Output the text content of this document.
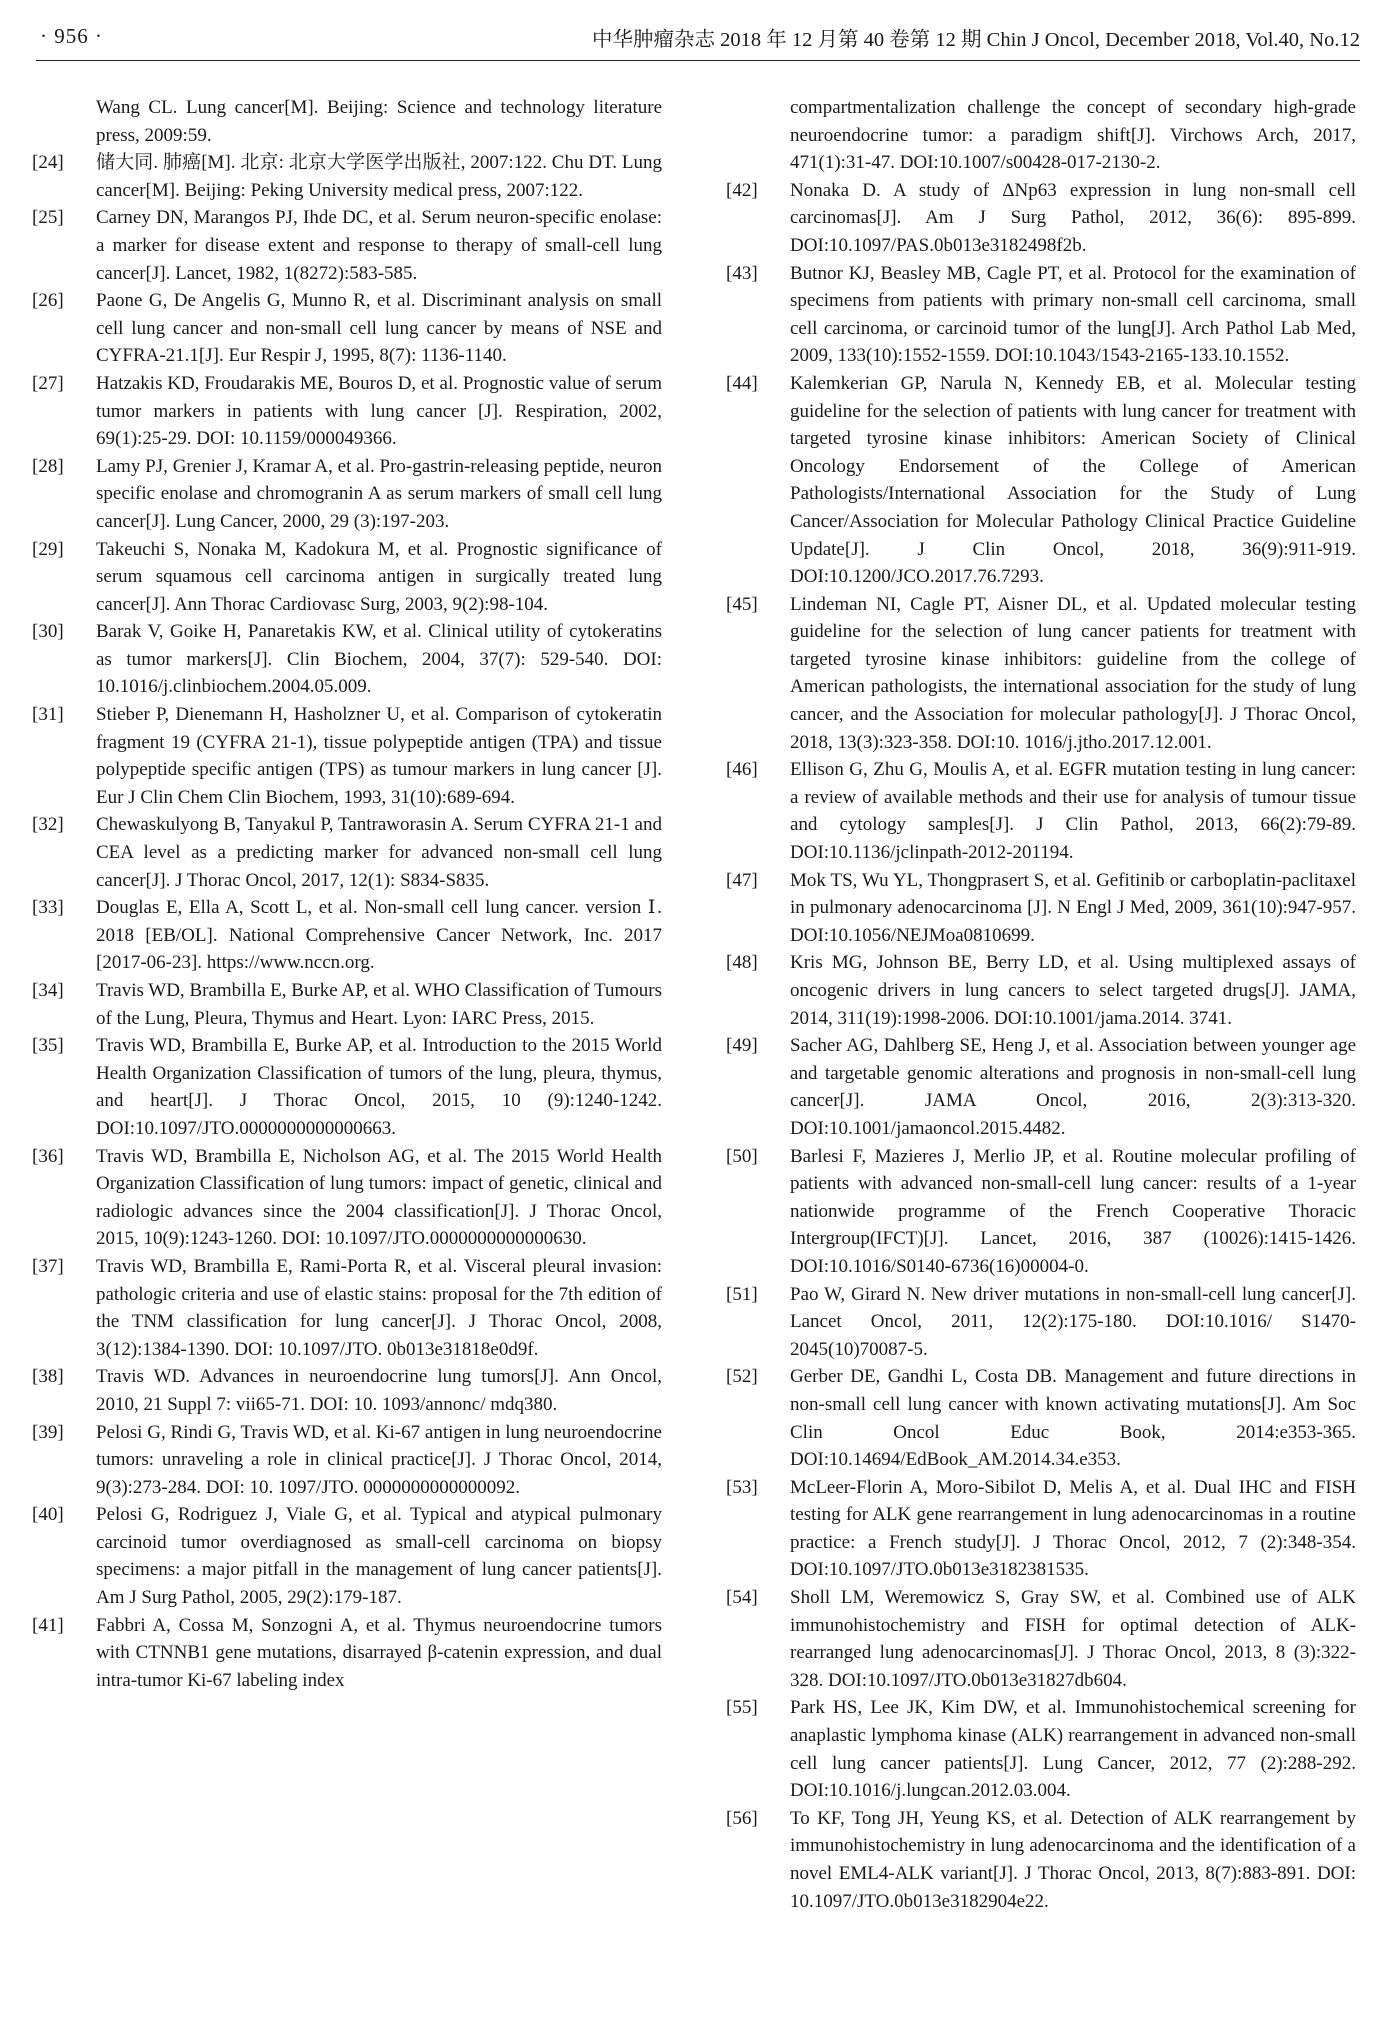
· 956 ·	中华肿瘤杂志 2018 年 12 月第 40 卷第 12 期 Chin J Oncol, December 2018, Vol.40, No.12
Wang CL. Lung cancer[M]. Beijing: Science and technology literature press, 2009:59.
[24]	储大同. 肺癌[M]. 北京: 北京大学医学出版社, 2007:122. Chu DT. Lung cancer[M]. Beijing: Peking University medical press, 2007:122.
[25]	Carney DN, Marangos PJ, Ihde DC, et al. Serum neuron-specific enolase: a marker for disease extent and response to therapy of small-cell lung cancer[J]. Lancet, 1982, 1(8272):583-585.
[26]	Paone G, De Angelis G, Munno R, et al. Discriminant analysis on small cell lung cancer and non-small cell lung cancer by means of NSE and CYFRA-21.1[J]. Eur Respir J, 1995, 8(7): 1136-1140.
[27]	Hatzakis KD, Froudarakis ME, Bouros D, et al. Prognostic value of serum tumor markers in patients with lung cancer [J]. Respiration, 2002, 69(1):25-29. DOI: 10.1159/000049366.
[28]	Lamy PJ, Grenier J, Kramar A, et al. Pro-gastrin-releasing peptide, neuron specific enolase and chromogranin A as serum markers of small cell lung cancer[J]. Lung Cancer, 2000, 29 (3):197-203.
[29]	Takeuchi S, Nonaka M, Kadokura M, et al. Prognostic significance of serum squamous cell carcinoma antigen in surgically treated lung cancer[J]. Ann Thorac Cardiovasc Surg, 2003, 9(2):98-104.
[30]	Barak V, Goike H, Panaretakis KW, et al. Clinical utility of cytokeratins as tumor markers[J]. Clin Biochem, 2004, 37(7): 529-540. DOI: 10.1016/j.clinbiochem.2004.05.009.
[31]	Stieber P, Dienemann H, Hasholzner U, et al. Comparison of cytokeratin fragment 19 (CYFRA 21-1), tissue polypeptide antigen (TPA) and tissue polypeptide specific antigen (TPS) as tumour markers in lung cancer [J]. Eur J Clin Chem Clin Biochem, 1993, 31(10):689-694.
[32]	Chewaskulyong B, Tanyakul P, Tantraworasin A. Serum CYFRA 21-1 and CEA level as a predicting marker for advanced non-small cell lung cancer[J]. J Thorac Oncol, 2017, 12(1): S834-S835.
[33]	Douglas E, Ella A, Scott L, et al. Non-small cell lung cancer. version Ⅰ. 2018 [EB/OL]. National Comprehensive Cancer Network, Inc. 2017 [2017-06-23]. https://www.nccn.org.
[34]	Travis WD, Brambilla E, Burke AP, et al. WHO Classification of Tumours of the Lung, Pleura, Thymus and Heart. Lyon: IARC Press, 2015.
[35]	Travis WD, Brambilla E, Burke AP, et al. Introduction to the 2015 World Health Organization Classification of tumors of the lung, pleura, thymus, and heart[J]. J Thorac Oncol, 2015, 10 (9):1240-1242. DOI:10.1097/JTO.0000000000000663.
[36]	Travis WD, Brambilla E, Nicholson AG, et al. The 2015 World Health Organization Classification of lung tumors: impact of genetic, clinical and radiologic advances since the 2004 classification[J]. J Thorac Oncol, 2015, 10(9):1243-1260. DOI: 10.1097/JTO.0000000000000630.
[37]	Travis WD, Brambilla E, Rami-Porta R, et al. Visceral pleural invasion: pathologic criteria and use of elastic stains: proposal for the 7th edition of the TNM classification for lung cancer[J]. J Thorac Oncol, 2008, 3(12):1384-1390. DOI: 10.1097/JTO. 0b013e31818e0d9f.
[38]	Travis WD. Advances in neuroendocrine lung tumors[J]. Ann Oncol, 2010, 21 Suppl 7: vii65-71. DOI: 10. 1093/annonc/ mdq380.
[39]	Pelosi G, Rindi G, Travis WD, et al. Ki-67 antigen in lung neuroendocrine tumors: unraveling a role in clinical practice[J]. J Thorac Oncol, 2014, 9(3):273-284. DOI: 10. 1097/JTO. 0000000000000092.
[40]	Pelosi G, Rodriguez J, Viale G, et al. Typical and atypical pulmonary carcinoid tumor overdiagnosed as small-cell carcinoma on biopsy specimens: a major pitfall in the management of lung cancer patients[J]. Am J Surg Pathol, 2005, 29(2):179-187.
[41]	Fabbri A, Cossa M, Sonzogni A, et al. Thymus neuroendocrine tumors with CTNNB1 gene mutations, disarrayed β-catenin expression, and dual intra-tumor Ki-67 labeling index
compartmentalization challenge the concept of secondary high-grade neuroendocrine tumor: a paradigm shift[J]. Virchows Arch, 2017, 471(1):31-47. DOI:10.1007/s00428-017-2130-2.
[42]	Nonaka D. A study of ΔNp63 expression in lung non-small cell carcinomas[J]. Am J Surg Pathol, 2012, 36(6): 895-899. DOI:10.1097/PAS.0b013e3182498f2b.
[43]	Butnor KJ, Beasley MB, Cagle PT, et al. Protocol for the examination of specimens from patients with primary non-small cell carcinoma, small cell carcinoma, or carcinoid tumor of the lung[J]. Arch Pathol Lab Med, 2009, 133(10):1552-1559. DOI:10.1043/1543-2165-133.10.1552.
[44]	Kalemkerian GP, Narula N, Kennedy EB, et al. Molecular testing guideline for the selection of patients with lung cancer for treatment with targeted tyrosine kinase inhibitors: American Society of Clinical Oncology Endorsement of the College of American Pathologists/International Association for the Study of Lung Cancer/Association for Molecular Pathology Clinical Practice Guideline Update[J]. J Clin Oncol, 2018, 36(9):911-919. DOI:10.1200/JCO.2017.76.7293.
[45]	Lindeman NI, Cagle PT, Aisner DL, et al. Updated molecular testing guideline for the selection of lung cancer patients for treatment with targeted tyrosine kinase inhibitors: guideline from the college of American pathologists, the international association for the study of lung cancer, and the Association for molecular pathology[J]. J Thorac Oncol, 2018, 13(3):323-358. DOI:10. 1016/j.jtho.2017.12.001.
[46]	Ellison G, Zhu G, Moulis A, et al. EGFR mutation testing in lung cancer: a review of available methods and their use for analysis of tumour tissue and cytology samples[J]. J Clin Pathol, 2013, 66(2):79-89. DOI:10.1136/jclinpath-2012-201194.
[47]	Mok TS, Wu YL, Thongprasert S, et al. Gefitinib or carboplatin-paclitaxel in pulmonary adenocarcinoma [J]. N Engl J Med, 2009, 361(10):947-957. DOI:10.1056/NEJMoa0810699.
[48]	Kris MG, Johnson BE, Berry LD, et al. Using multiplexed assays of oncogenic drivers in lung cancers to select targeted drugs[J]. JAMA, 2014, 311(19):1998-2006. DOI:10.1001/jama.2014. 3741.
[49]	Sacher AG, Dahlberg SE, Heng J, et al. Association between younger age and targetable genomic alterations and prognosis in non-small-cell lung cancer[J]. JAMA Oncol, 2016, 2(3):313-320. DOI:10.1001/jamaoncol.2015.4482.
[50]	Barlesi F, Mazieres J, Merlio JP, et al. Routine molecular profiling of patients with advanced non-small-cell lung cancer: results of a 1-year nationwide programme of the French Cooperative Thoracic Intergroup(IFCT)[J]. Lancet, 2016, 387 (10026):1415-1426. DOI:10.1016/S0140-6736(16)00004-0.
[51]	Pao W, Girard N. New driver mutations in non-small-cell lung cancer[J]. Lancet Oncol, 2011, 12(2):175-180. DOI:10.1016/ S1470-2045(10)70087-5.
[52]	Gerber DE, Gandhi L, Costa DB. Management and future directions in non-small cell lung cancer with known activating mutations[J]. Am Soc Clin Oncol Educ Book, 2014:e353-365. DOI:10.14694/EdBook_AM.2014.34.e353.
[53]	McLeer-Florin A, Moro-Sibilot D, Melis A, et al. Dual IHC and FISH testing for ALK gene rearrangement in lung adenocarcinomas in a routine practice: a French study[J]. J Thorac Oncol, 2012, 7 (2):348-354. DOI:10.1097/JTO.0b013e3182381535.
[54]	Sholl LM, Weremowicz S, Gray SW, et al. Combined use of ALK immunohistochemistry and FISH for optimal detection of ALK-rearranged lung adenocarcinomas[J]. J Thorac Oncol, 2013, 8 (3):322-328. DOI:10.1097/JTO.0b013e31827db604.
[55]	Park HS, Lee JK, Kim DW, et al. Immunohistochemical screening for anaplastic lymphoma kinase (ALK) rearrangement in advanced non-small cell lung cancer patients[J]. Lung Cancer, 2012, 77 (2):288-292. DOI:10.1016/j.lungcan.2012.03.004.
[56]	To KF, Tong JH, Yeung KS, et al. Detection of ALK rearrangement by immunohistochemistry in lung adenocarcinoma and the identification of a novel EML4-ALK variant[J]. J Thorac Oncol, 2013, 8(7):883-891. DOI: 10.1097/JTO.0b013e3182904e22.
